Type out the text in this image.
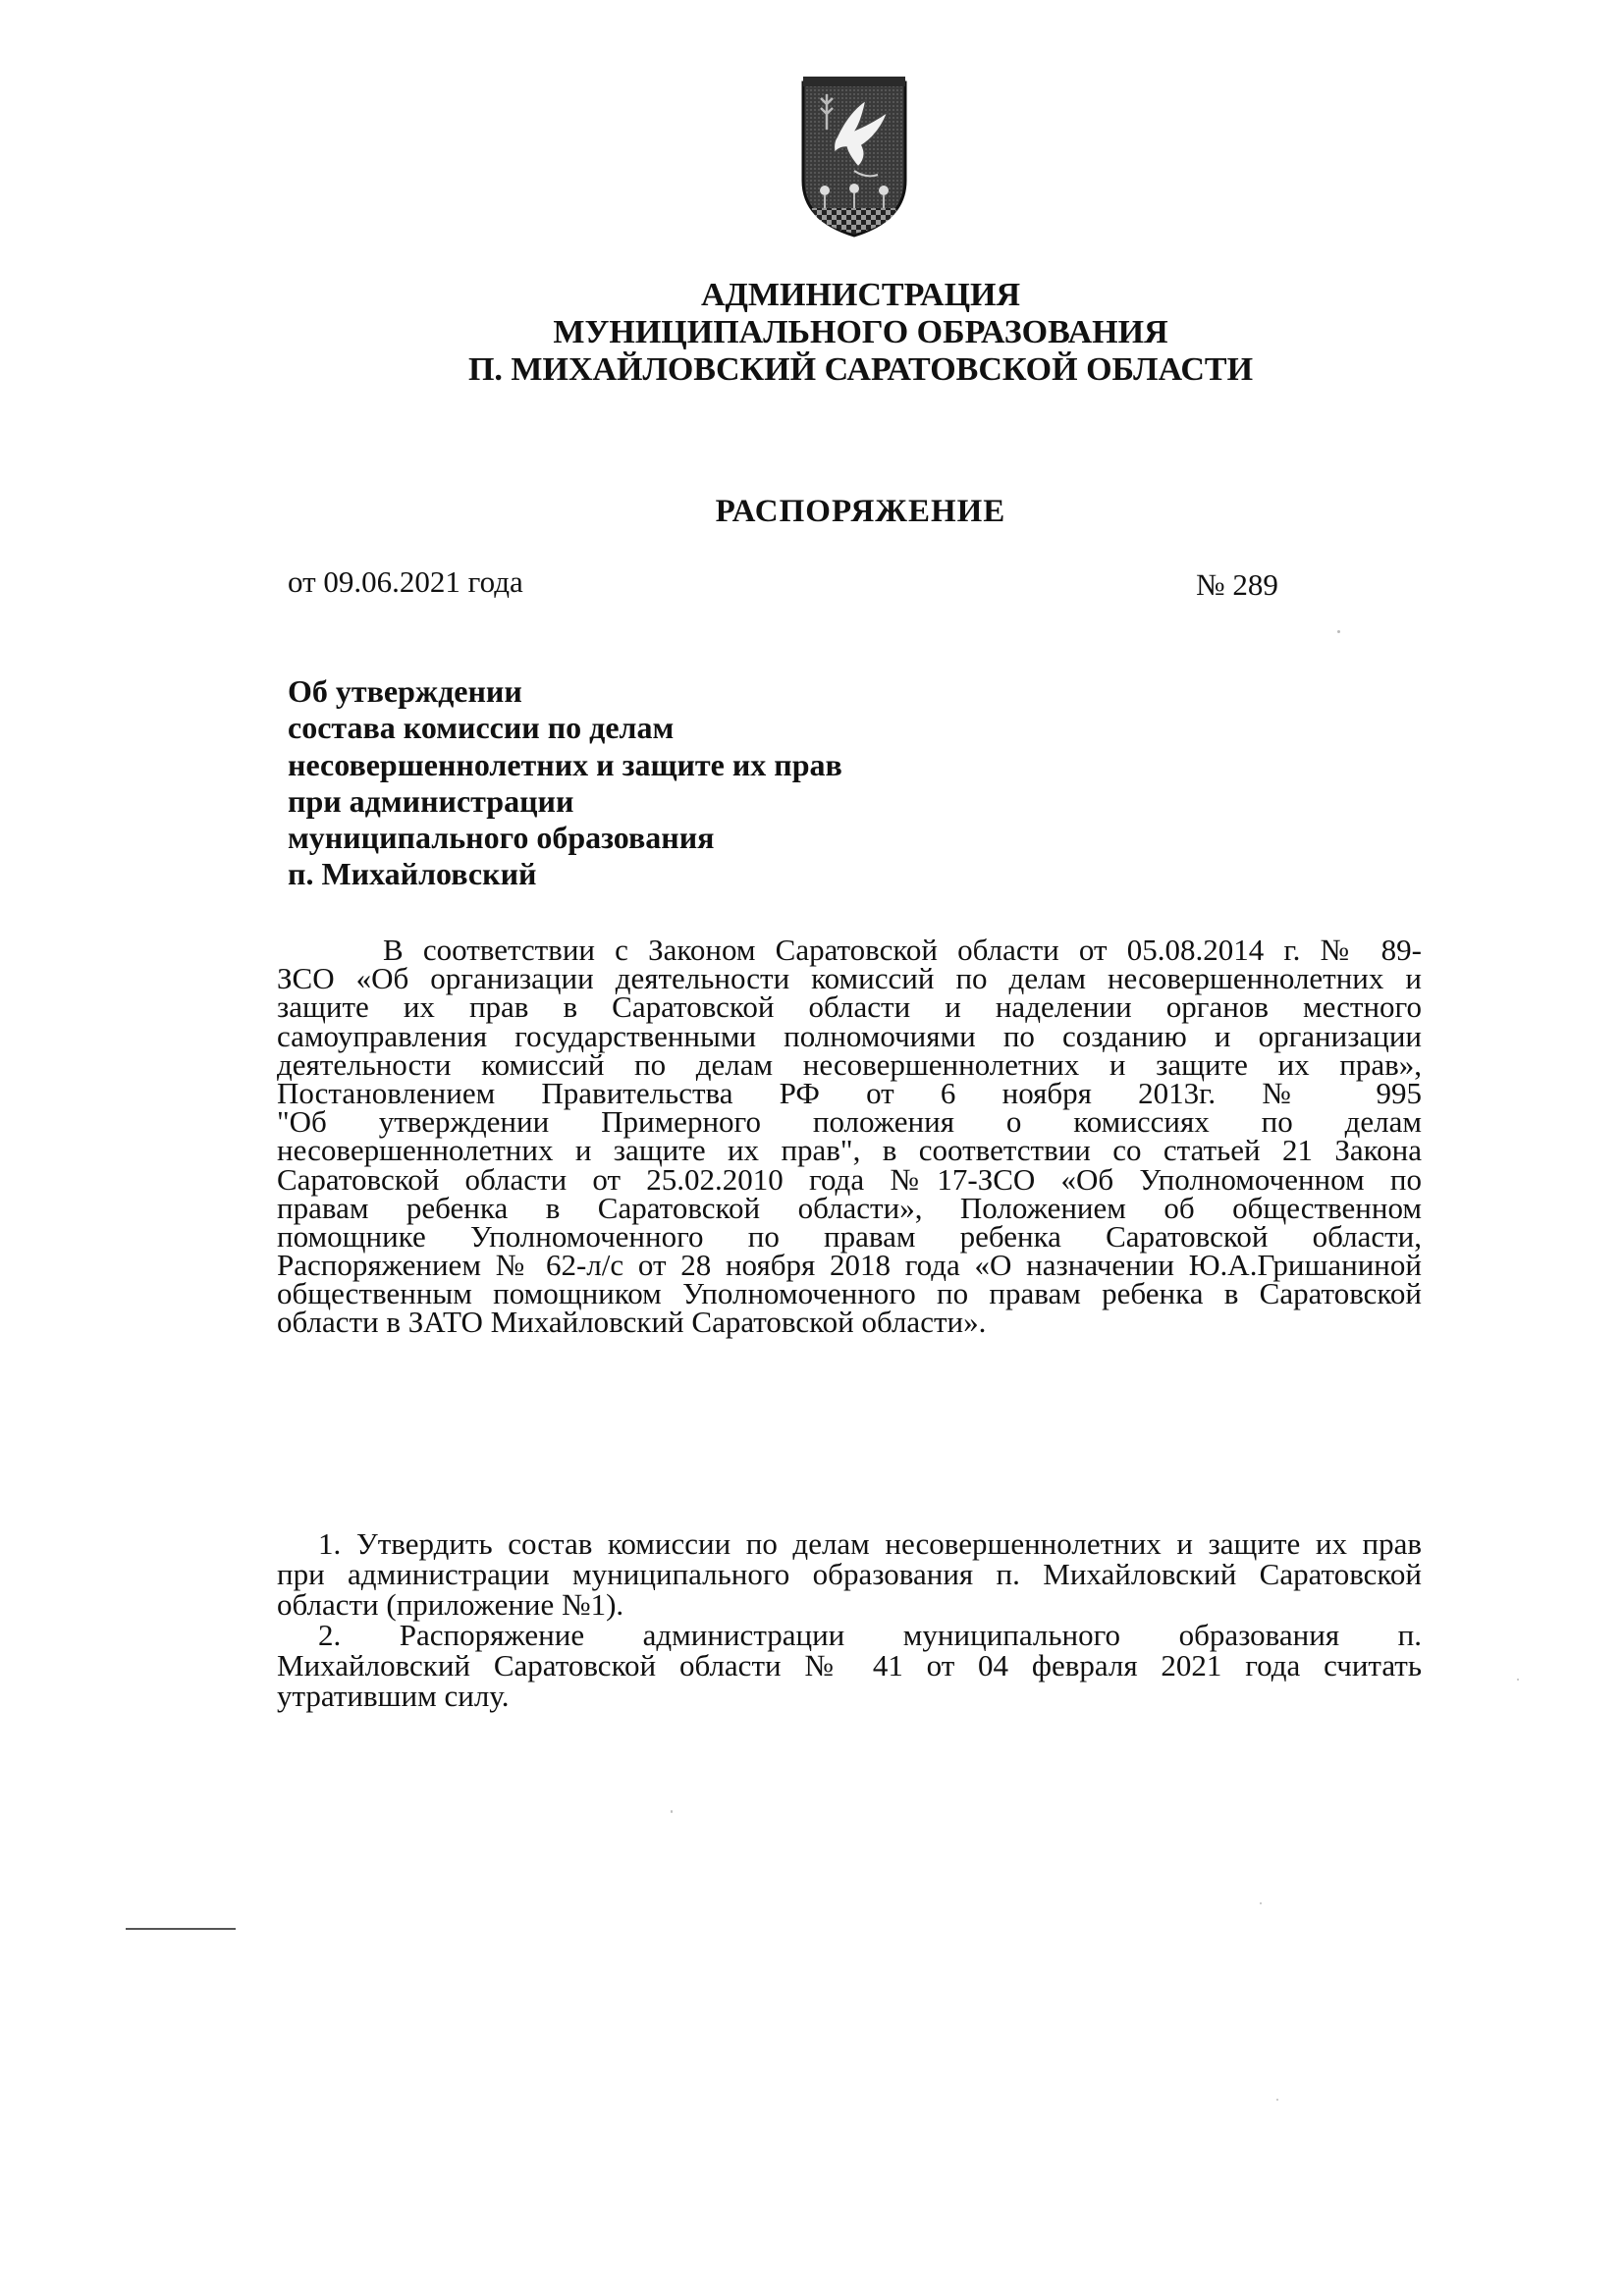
АДМИНИСТРАЦИЯ
МУНИЦИПАЛЬНОГО ОБРАЗОВАНИЯ
П. МИХАЙЛОВСКИЙ САРАТОВСКОЙ ОБЛАСТИ
РАСПОРЯЖЕНИЕ
от 09.06.2021 года	№ 289
Об утверждении
состава комиссии по делам
несовершеннолетних и защите их прав
при администрации
муниципального образования
п. Михайловский
В соответствии с Законом Саратовской области от 05.08.2014 г. № 89-
ЗСО «Об организации деятельности комиссий по делам несовершеннолетних и
защите их прав в Саратовской области и наделении органов местного
самоуправления государственными полномочиями по созданию и организации
деятельности комиссий по делам несовершеннолетних и защите их прав»,
Постановлением Правительства РФ от 6 ноября 2013г. № 995
"Об утверждении Примерного положения о комиссиях по делам
несовершеннолетних и защите их прав", в соответствии со статьей 21 Закона
Саратовской области от 25.02.2010 года №17-ЗСО «Об Уполномоченном по
правам ребенка в Саратовской области», Положением об общественном
помощнике Уполномоченного по правам ребенка Саратовской области,
Распоряжением № 62-л/с от 28 ноября 2018 года «О назначении Ю.А.Гришаниной
общественным помощником Уполномоченного по правам ребенка в Саратовской
области в ЗАТО Михайловский Саратовской области».
1. Утвердить состав комиссии по делам несовершеннолетних и защите их прав
при администрации муниципального образования п. Михайловский Саратовской
области (приложение №1).
2. Распоряжение администрации муниципального образования п.
Михайловский Саратовской области № 41 от 04 февраля 2021 года считать
утратившим силу.
